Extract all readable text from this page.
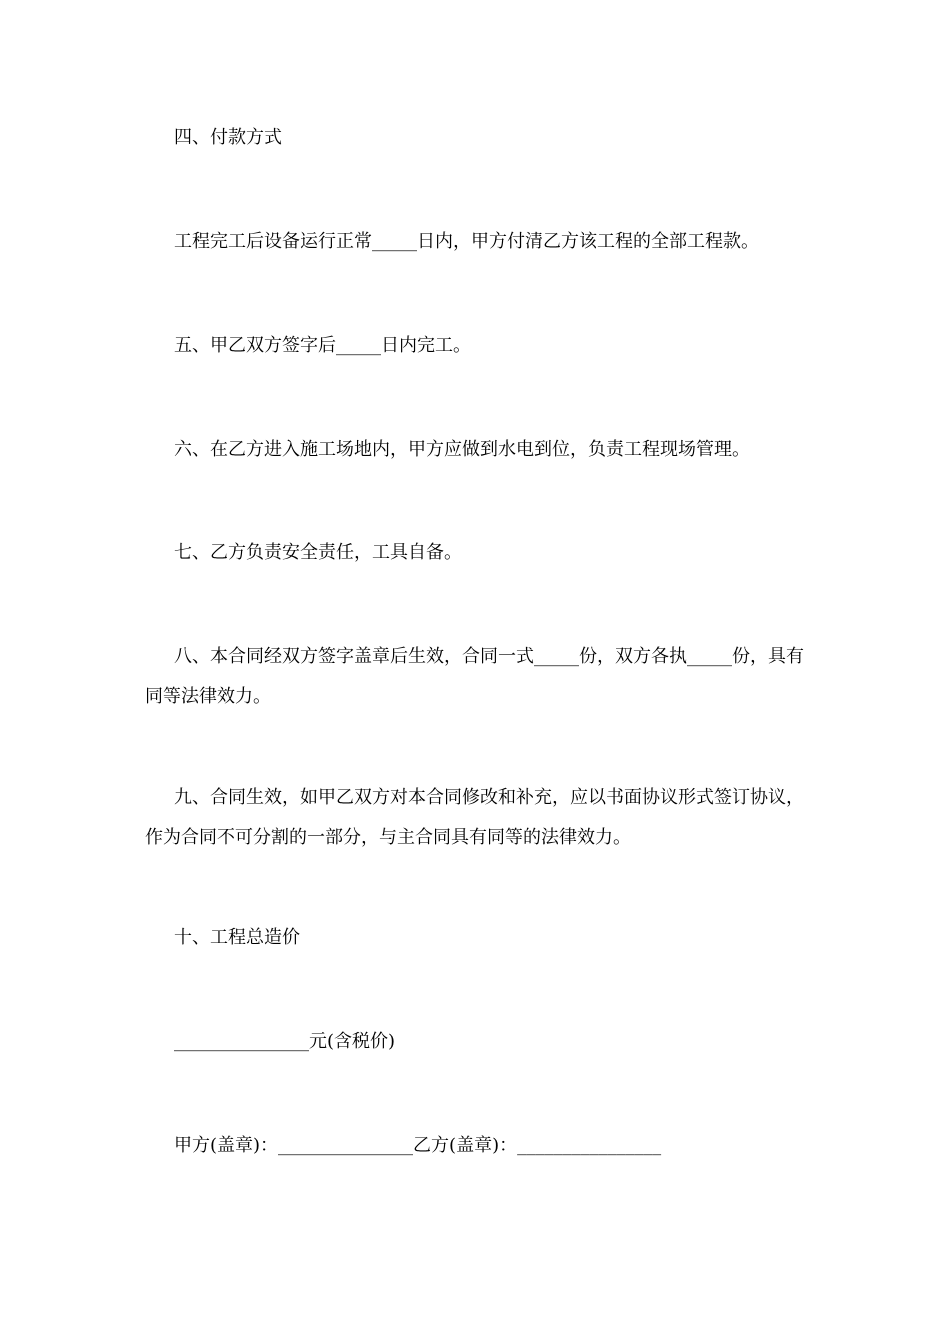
四、付款方式
工程完工后设备运行正常_____日内，甲方付清乙方该工程的全部工程款。
五、甲乙双方签字后_____日内完工。
六、在乙方进入施工场地内，甲方应做到水电到位，负责工程现场管理。
七、乙方负责安全责任，工具自备。
八、本合同经双方签字盖章后生效，合同一式_____份，双方各执_____份，具有同等法律效力。
九、合同生效，如甲乙双方对本合同修改和补充，应以书面协议形式签订协议，作为合同不可分割的一部分，与主合同具有同等的法律效力。
十、工程总造价
_______________元(含税价)
甲方(盖章)：_______________乙方(盖章)：________________
